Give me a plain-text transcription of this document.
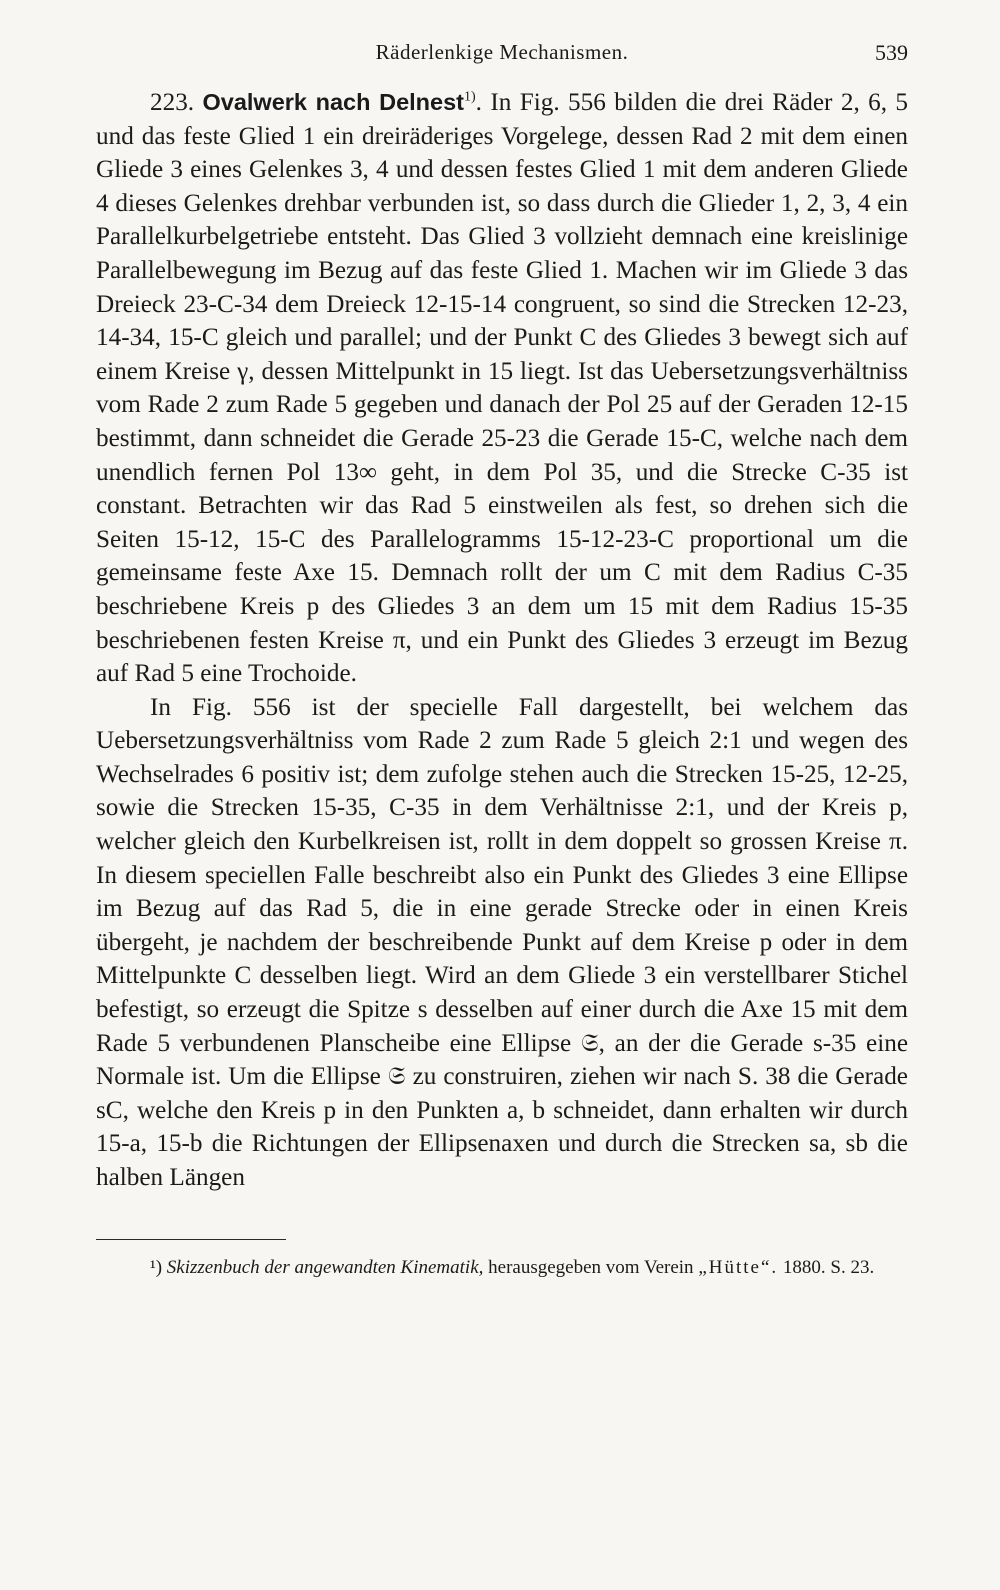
Räderlenkige Mechanismen.	539

223. Ovalwerk nach Delnest$^{1)}$. In Fig. 556 bilden die drei Räder 2, 6, 5 und das feste Glied 1 ein dreiräderiges Vorgelege, dessen Rad 2 mit dem einen Gliede 3 eines Gelenkes 3, 4 und dessen festes Glied 1 mit dem anderen Gliede 4 dieses Gelenkes drehbar verbunden ist, so dass durch die Glieder 1, 2, 3, 4 ein Parallelkurbelgetriebe entsteht. Das Glied 3 vollzieht demnach eine kreislinige Parallelbewegung im Bezug auf das feste Glied 1. Machen wir im Gliede 3 das Dreieck 23-C-34 dem Dreieck 12-15-14 congruent, so sind die Strecken 12-23, 14-34, 15-C gleich und parallel; und der Punkt C des Gliedes 3 bewegt sich auf einem Kreise γ, dessen Mittelpunkt in 15 liegt. Ist das Uebersetzungsverhältniss vom Rade 2 zum Rade 5 gegeben und danach der Pol 25 auf der Geraden 12-15 bestimmt, dann schneidet die Gerade 25-23 die Gerade 15-C, welche nach dem unendlich fernen Pol 13∞ geht, in dem Pol 35, und die Strecke C-35 ist constant. Betrachten wir das Rad 5 einstweilen als fest, so drehen sich die Seiten 15-12, 15-C des Parallelogramms 15-12-23-C proportional um die gemeinsame feste Axe 15. Demnach rollt der um C mit dem Radius C-35 beschriebene Kreis p des Gliedes 3 an dem um 15 mit dem Radius 15-35 beschriebenen festen Kreise π, und ein Punkt des Gliedes 3 erzeugt im Bezug auf Rad 5 eine Trochoide.

In Fig. 556 ist der specielle Fall dargestellt, bei welchem das Uebersetzungsverhältniss vom Rade 2 zum Rade 5 gleich 2:1 und wegen des Wechselrades 6 positiv ist; dem zufolge stehen auch die Strecken 15-25, 12-25, sowie die Strecken 15-35, C-35 in dem Verhältnisse 2:1, und der Kreis p, welcher gleich den Kurbelkreisen ist, rollt in dem doppelt so grossen Kreise π. In diesem speciellen Falle beschreibt also ein Punkt des Gliedes 3 eine Ellipse im Bezug auf das Rad 5, die in eine gerade Strecke oder in einen Kreis übergeht, je nachdem der beschreibende Punkt auf dem Kreise p oder in dem Mittelpunkte C desselben liegt. Wird an dem Gliede 3 ein verstellbarer Stichel befestigt, so erzeugt die Spitze s desselben auf einer durch die Axe 15 mit dem Rade 5 verbundenen Planscheibe eine Ellipse 𝔖, an der die Gerade s-35 eine Normale ist. Um die Ellipse 𝔖 zu construiren, ziehen wir nach S. 38 die Gerade sC, welche den Kreis p in den Punkten a, b schneidet, dann erhalten wir durch 15-a, 15-b die Richtungen der Ellipsenaxen und durch die Strecken sa, sb die halben Längen

¹) Skizzenbuch der angewandten Kinematik, herausgegeben vom Verein „Hütte“. 1880. S. 23.
